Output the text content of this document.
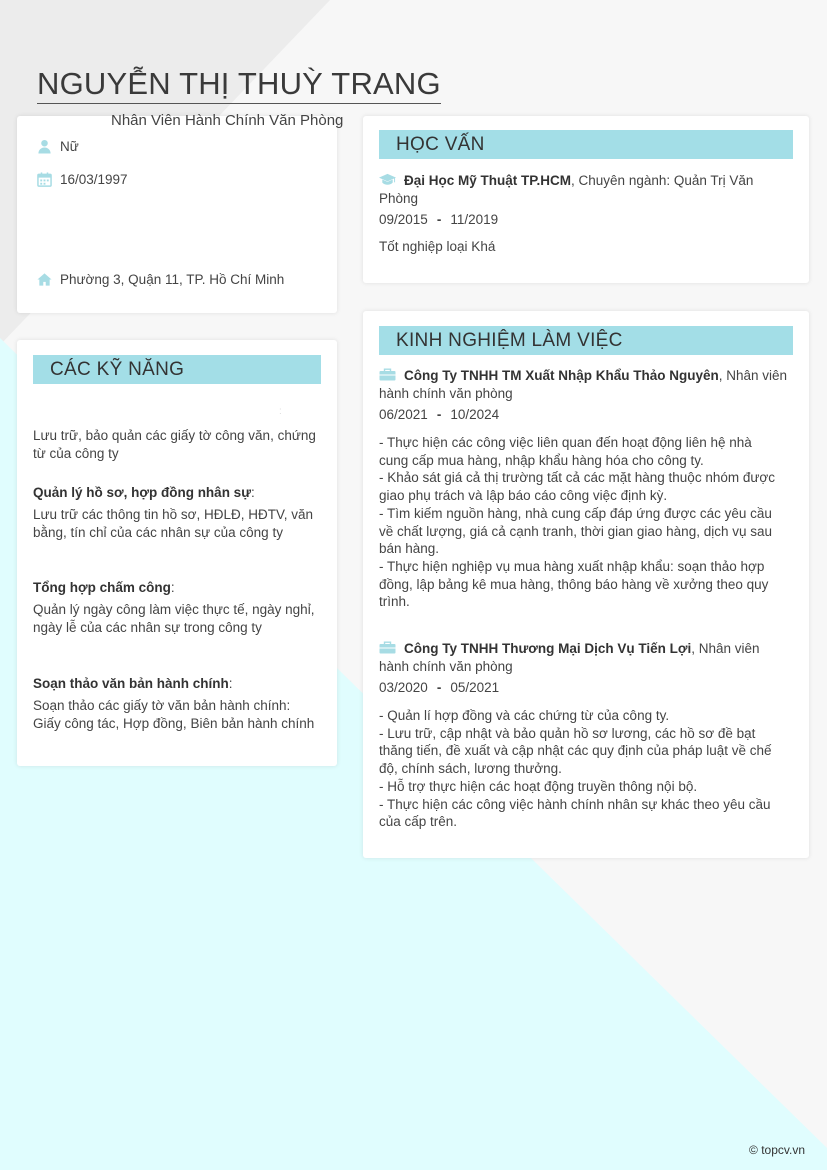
NGUYỄN THỊ THUỲ TRANG
Nhân Viên Hành Chính Văn Phòng
Nữ
16/03/1997
Phường 3, Quận 11, TP. Hồ Chí Minh
CÁC KỸ NĂNG
:
Lưu trữ, bảo quản các giấy tờ công văn, chứng từ của công ty
Quản lý hồ sơ, hợp đồng nhân sự:
Lưu trữ các thông tin hồ sơ, HĐLĐ, HĐTV, văn bằng, tín chỉ của các nhân sự của công ty
Tổng hợp chấm công:
Quản lý ngày công làm việc thực tế, ngày nghỉ, ngày lễ của các nhân sự trong công ty
Soạn thảo văn bản hành chính:
Soạn thảo các giấy tờ văn bản hành chính: Giấy công tác, Hợp đồng, Biên bản hành chính
HỌC VẤN
Đại Học Mỹ Thuật TP.HCM, Chuyên ngành: Quản Trị Văn Phòng
09/2015 - 11/2019
Tốt nghiệp loại Khá
KINH NGHIỆM LÀM VIỆC
Công Ty TNHH TM Xuất Nhập Khẩu Thảo Nguyên, Nhân viên hành chính văn phòng
06/2021 - 10/2024
- Thực hiện các công việc liên quan đến hoạt động liên hệ nhà cung cấp mua hàng, nhập khẩu hàng hóa cho công ty.
- Khảo sát giá cả thị trường tất cả các mặt hàng thuộc nhóm được giao phụ trách và lập báo cáo công việc định kỳ.
- Tìm kiếm nguồn hàng, nhà cung cấp đáp ứng được các yêu cầu về chất lượng, giá cả cạnh tranh, thời gian giao hàng, dịch vụ sau bán hàng.
- Thực hiện nghiệp vụ mua hàng xuất nhập khẩu: soạn thảo hợp đồng, lập bảng kê mua hàng, thông báo hàng về xưởng theo quy trình.
Công Ty TNHH Thương Mại Dịch Vụ Tiến Lợi, Nhân viên hành chính văn phòng
03/2020 - 05/2021
- Quản lí hợp đồng và các chứng từ của công ty.
- Lưu trữ, cập nhật và bảo quản hồ sơ lương, các hồ sơ đề bạt thăng tiến, đề xuất và cập nhật các quy định của pháp luật về chế độ, chính sách, lương thưởng.
- Hỗ trợ thực hiện các hoạt động truyền thông nội bộ.
- Thực hiện các công việc hành chính nhân sự khác theo yêu cầu của cấp trên.
© topcv.vn
